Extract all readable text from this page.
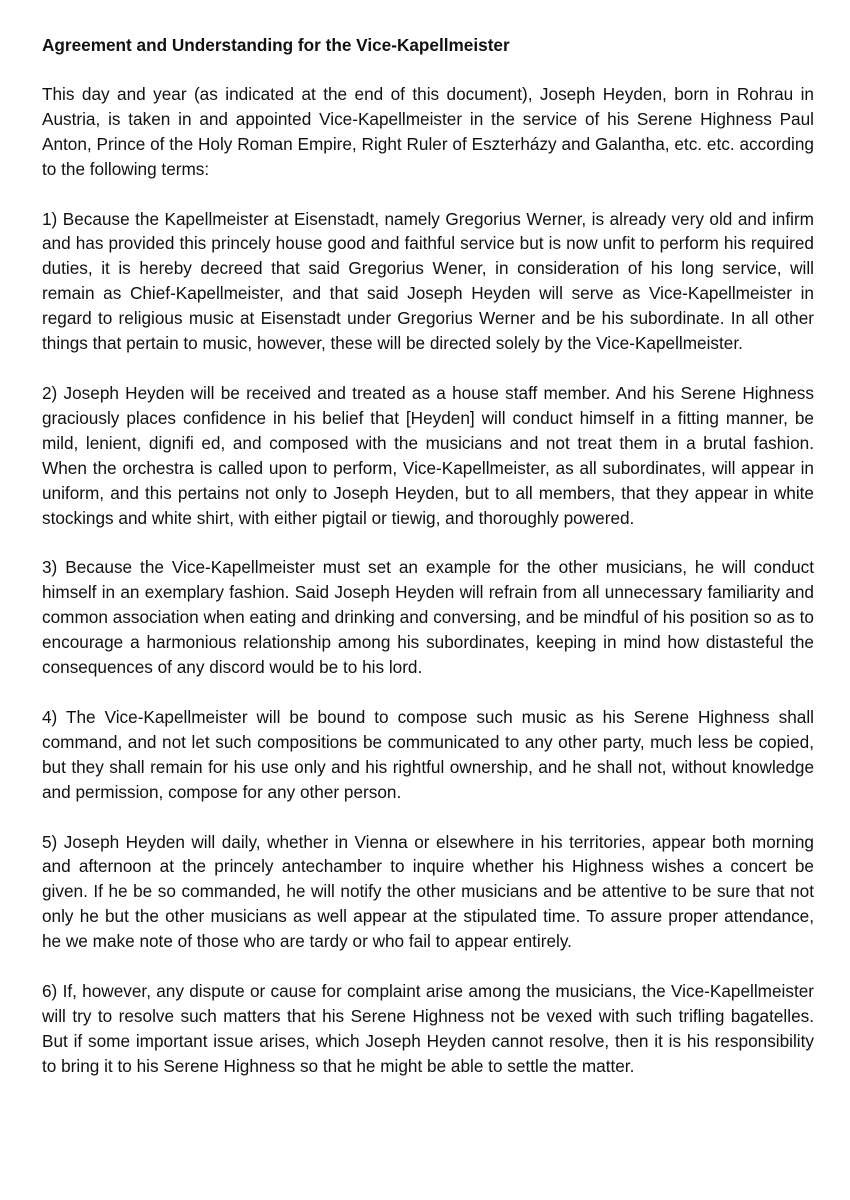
Agreement and Understanding for the Vice-Kapellmeister

This day and year (as indicated at the end of this document), Joseph Heyden, born in Rohrau in Austria, is taken in and appointed Vice-Kapellmeister in the service of his Serene Highness Paul Anton, Prince of the Holy Roman Empire, Right Ruler of Eszterházy and Galantha, etc. etc. according to the following terms:

1) Because the Kapellmeister at Eisenstadt, namely Gregorius Werner, is already very old and infirm and has provided this princely house good and faithful service but is now unfit to perform his required duties, it is hereby decreed that said Gregorius Wener, in consideration of his long service, will remain as Chief-Kapellmeister, and that said Joseph Heyden will serve as Vice-Kapellmeister in regard to religious music at Eisenstadt under Gregorius Werner and be his subordinate. In all other things that pertain to music, however, these will be directed solely by the Vice-Kapellmeister.

2) Joseph Heyden will be received and treated as a house staff member. And his Serene Highness graciously places confidence in his belief that [Heyden] will conduct himself in a fitting manner, be mild, lenient, dignifi ed, and composed with the musicians and not treat them in a brutal fashion. When the orchestra is called upon to perform, Vice-Kapellmeister, as all subordinates, will appear in uniform, and this pertains not only to Joseph Heyden, but to all members, that they appear in white stockings and white shirt, with either pigtail or tiewig, and thoroughly powered.

3) Because the Vice-Kapellmeister must set an example for the other musicians, he will conduct himself in an exemplary fashion. Said Joseph Heyden will refrain from all unnecessary familiarity and common association when eating and drinking and conversing, and be mindful of his position so as to encourage a harmonious relationship among his subordinates, keeping in mind how distasteful the consequences of any discord would be to his lord.

4) The Vice-Kapellmeister will be bound to compose such music as his Serene Highness shall command, and not let such compositions be communicated to any other party, much less be copied, but they shall remain for his use only and his rightful ownership, and he shall not, without knowledge and permission, compose for any other person.

5) Joseph Heyden will daily, whether in Vienna or elsewhere in his territories, appear both morning and afternoon at the princely antechamber to inquire whether his Highness wishes a concert be given. If he be so commanded, he will notify the other musicians and be attentive to be sure that not only he but the other musicians as well appear at the stipulated time. To assure proper attendance, he we make note of those who are tardy or who fail to appear entirely.

6) If, however, any dispute or cause for complaint arise among the musicians, the Vice-Kapellmeister will try to resolve such matters that his Serene Highness not be vexed with such trifling bagatelles. But if some important issue arises, which Joseph Heyden cannot resolve, then it is his responsibility to bring it to his Serene Highness so that he might be able to settle the matter.
